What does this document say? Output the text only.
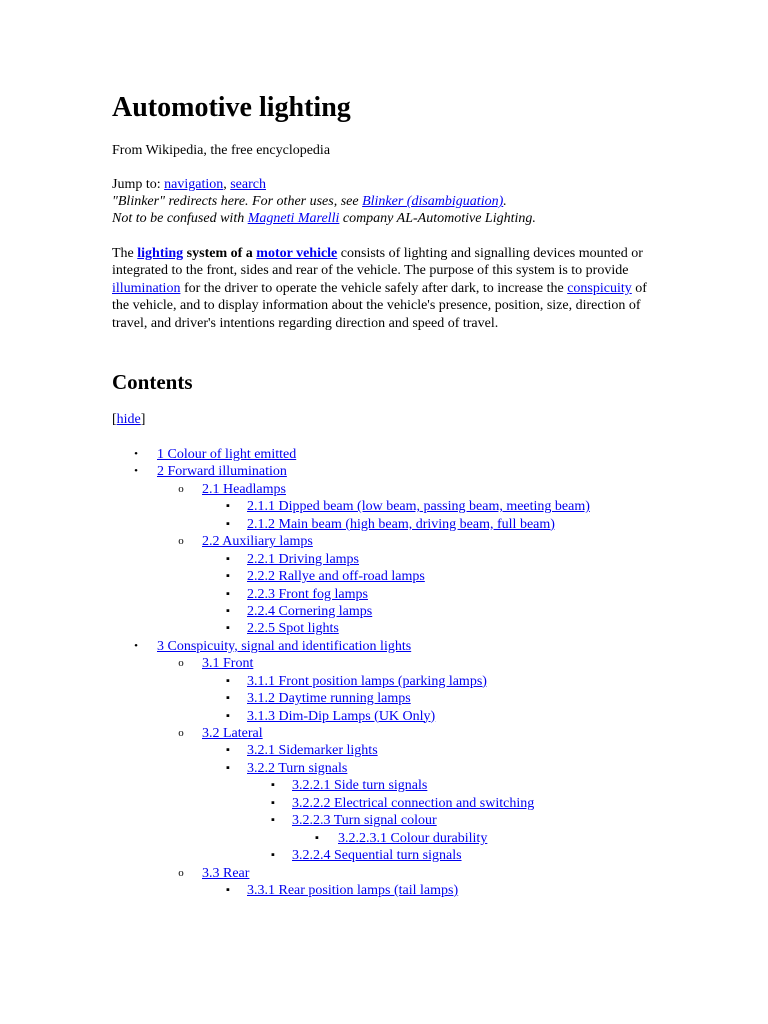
Automotive lighting
From Wikipedia, the free encyclopedia
Jump to: navigation, search
"Blinker" redirects here. For other uses, see Blinker (disambiguation).
Not to be confused with Magneti Marelli company AL-Automotive Lighting.

The lighting system of a motor vehicle consists of lighting and signalling devices mounted or integrated to the front, sides and rear of the vehicle. The purpose of this system is to provide illumination for the driver to operate the vehicle safely after dark, to increase the conspicuity of the vehicle, and to display information about the vehicle's presence, position, size, direction of travel, and driver's intentions regarding direction and speed of travel.

Contents
[hide]
• 1 Colour of light emitted
• 2 Forward illumination
o 2.1 Headlamps
▪ 2.1.1 Dipped beam (low beam, passing beam, meeting beam)
▪ 2.1.2 Main beam (high beam, driving beam, full beam)
o 2.2 Auxiliary lamps
▪ 2.2.1 Driving lamps
▪ 2.2.2 Rallye and off-road lamps
▪ 2.2.3 Front fog lamps
▪ 2.2.4 Cornering lamps
▪ 2.2.5 Spot lights
• 3 Conspicuity, signal and identification lights
o 3.1 Front
▪ 3.1.1 Front position lamps (parking lamps)
▪ 3.1.2 Daytime running lamps
▪ 3.1.3 Dim-Dip Lamps (UK Only)
o 3.2 Lateral
▪ 3.2.1 Sidemarker lights
▪ 3.2.2 Turn signals
▪ 3.2.2.1 Side turn signals
▪ 3.2.2.2 Electrical connection and switching
▪ 3.2.2.3 Turn signal colour
▪ 3.2.2.3.1 Colour durability
▪ 3.2.2.4 Sequential turn signals
o 3.3 Rear
▪ 3.3.1 Rear position lamps (tail lamps)
